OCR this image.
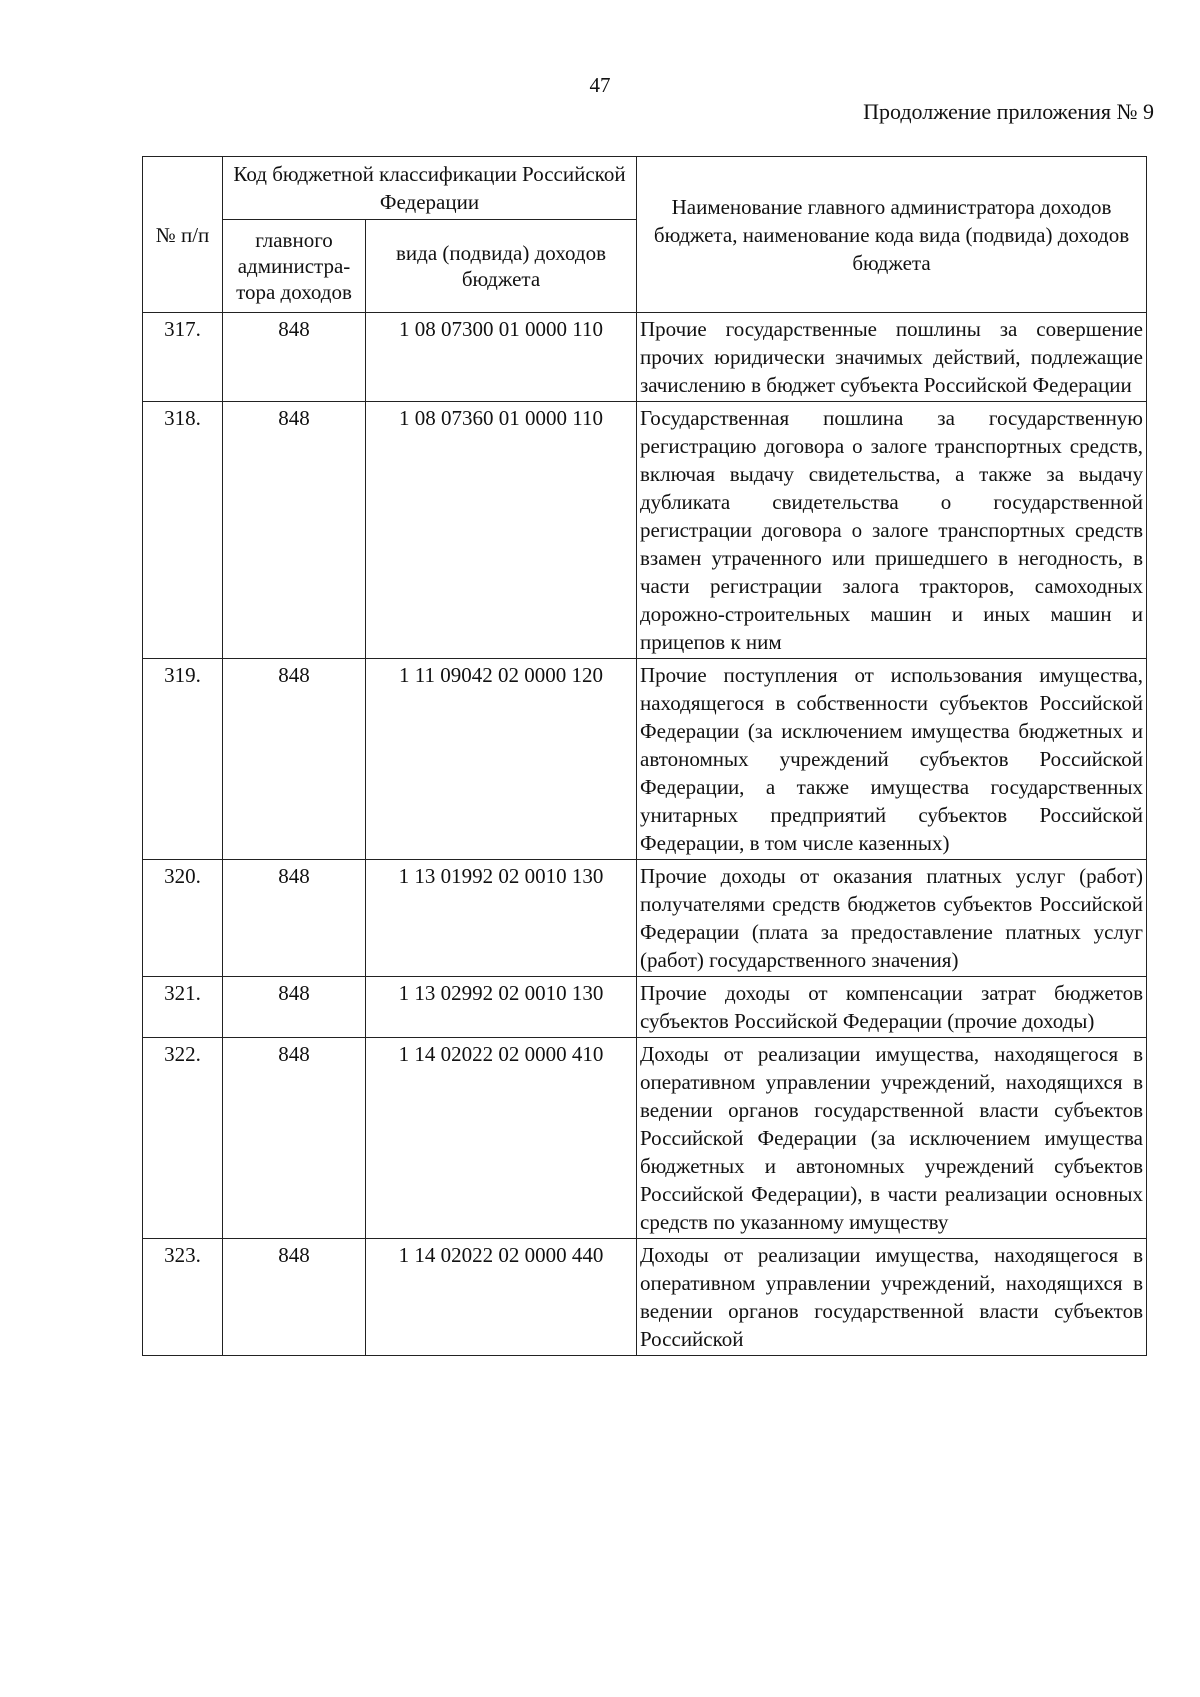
47
Продолжение приложения № 9
№ п/п	Код бюджетной классификации Российской Федерации		Наименование главного администратора доходов бюджета, наименование кода вида (подвида) доходов бюджета
	главного администра-тора доходов	вида (подвида) доходов бюджета	
317.	848	1 08 07300 01 0000 110	Прочие государственные пошлины за совершение прочих юридически значимых действий, подлежащие зачислению в бюджет субъекта Российской Федерации
318.	848	1 08 07360 01 0000 110	Государственная пошлина за государственную регистрацию договора о залоге транспортных средств, включая выдачу свидетельства, а также за выдачу дубликата свидетельства о государственной регистрации договора о залоге транспортных средств взамен утраченного или пришедшего в негодность, в части регистрации залога тракторов, самоходных дорожно-строительных машин и иных машин и прицепов к ним
319.	848	1 11 09042 02 0000 120	Прочие поступления от использования имущества, находящегося в собственности субъектов Российской Федерации (за исключением имущества бюджетных и автономных учреждений субъектов Российской Федерации, а также имущества государственных унитарных предприятий субъектов Российской Федерации, в том числе казенных)
320.	848	1 13 01992 02 0010 130	Прочие доходы от оказания платных услуг (работ) получателями средств бюджетов субъектов Российской Федерации (плата за предоставление платных услуг (работ) государственного значения)
321.	848	1 13 02992 02 0010 130	Прочие доходы от компенсации затрат бюджетов субъектов Российской Федерации (прочие доходы)
322.	848	1 14 02022 02 0000 410	Доходы от реализации имущества, находящегося в оперативном управлении учреждений, находящихся в ведении органов государственной власти субъектов Российской Федерации (за исключением имущества бюджетных и автономных учреждений субъектов Российской Федерации), в части реализации основных средств по указанному имуществу
323.	848	1 14 02022 02 0000 440	Доходы от реализации имущества, находящегося в оперативном управлении учреждений, находящихся в ведении органов государственной власти субъектов Российской
